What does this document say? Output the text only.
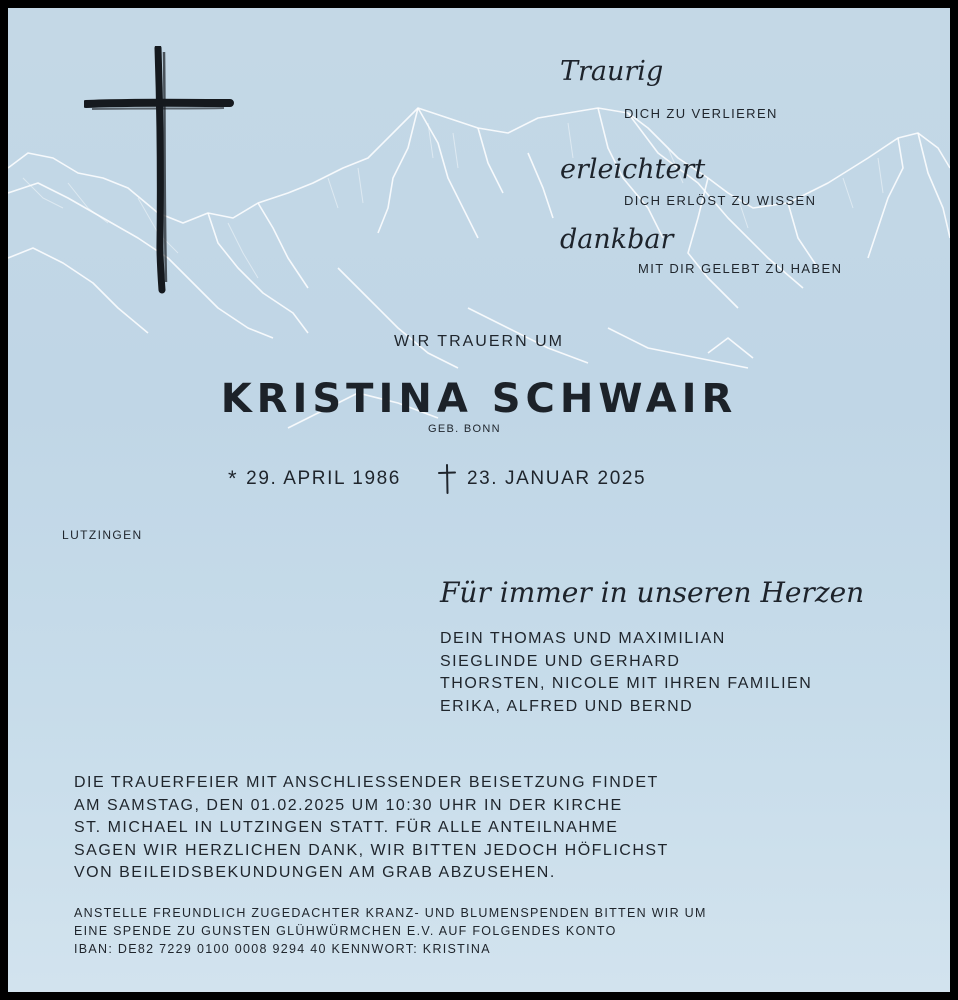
Traurig
DICH ZU VERLIEREN
erleichtert
DICH ERLÖST ZU WISSEN
dankbar
MIT DIR GELEBT ZU HABEN
WIR TRAUERN UM
KRISTINA SCHWAIR
GEB. BONN
* 29. APRIL 1986	23. JANUAR 2025
LUTZINGEN
Für immer in unseren Herzen
DEIN THOMAS UND MAXIMILIAN
SIEGLINDE UND GERHARD
THORSTEN, NICOLE MIT IHREN FAMILIEN
ERIKA, ALFRED UND BERND
DIE TRAUERFEIER MIT ANSCHLIESSENDER BEISETZUNG FINDET
AM SAMSTAG, DEN 01.02.2025 UM 10:30 UHR IN DER KIRCHE
ST. MICHAEL IN LUTZINGEN STATT. FÜR ALLE ANTEILNAHME
SAGEN WIR HERZLICHEN DANK, WIR BITTEN JEDOCH HÖFLICHST
VON BEILEIDSBEKUNDUNGEN AM GRAB ABZUSEHEN.
ANSTELLE FREUNDLICH ZUGEDACHTER KRANZ- UND BLUMENSPENDEN BITTEN WIR UM
EINE SPENDE ZU GUNSTEN GLÜHWÜRMCHEN E.V. AUF FOLGENDES KONTO
IBAN: DE82 7229 0100 0008 9294 40 KENNWORT: KRISTINA
